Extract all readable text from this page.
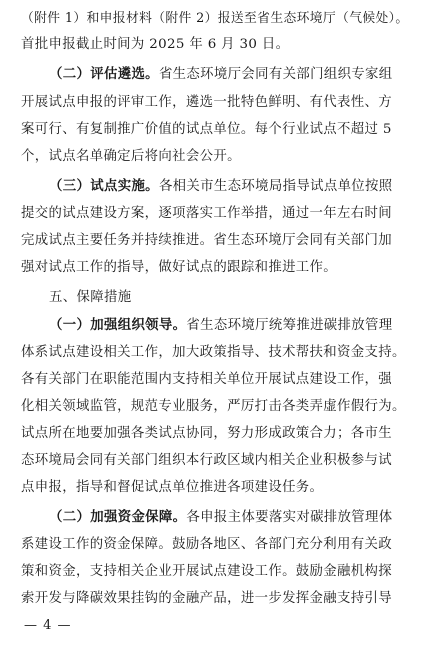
（附件 1）和申报材料（附件 2）报送至省生态环境厅（气候处）。
首批申报截止时间为 2025 年 6 月 30 日。
（二）评估遴选。省生态环境厅会同有关部门组织专家组
开展试点申报的评审工作，遴选一批特色鲜明、有代表性、方
案可行、有复制推广价值的试点单位。每个行业试点不超过 5
个，试点名单确定后将向社会公开。
（三）试点实施。各相关市生态环境局指导试点单位按照
提交的试点建设方案，逐项落实工作举措，通过一年左右时间
完成试点主要任务并持续推进。省生态环境厅会同有关部门加
强对试点工作的指导，做好试点的跟踪和推进工作。
五、保障措施
（一）加强组织领导。省生态环境厅统筹推进碳排放管理
体系试点建设相关工作，加大政策指导、技术帮扶和资金支持。
各有关部门在职能范围内支持相关单位开展试点建设工作，强
化相关领域监管，规范专业服务，严厉打击各类弄虚作假行为。
试点所在地要加强各类试点协同，努力形成政策合力；各市生
态环境局会同有关部门组织本行政区域内相关企业积极参与试
点申报，指导和督促试点单位推进各项建设任务。
（二）加强资金保障。各申报主体要落实对碳排放管理体
系建设工作的资金保障。鼓励各地区、各部门充分利用有关政
策和资金，支持相关企业开展试点建设工作。鼓励金融机构探
索开发与降碳效果挂钩的金融产品，进一步发挥金融支持引导
— 4 —
